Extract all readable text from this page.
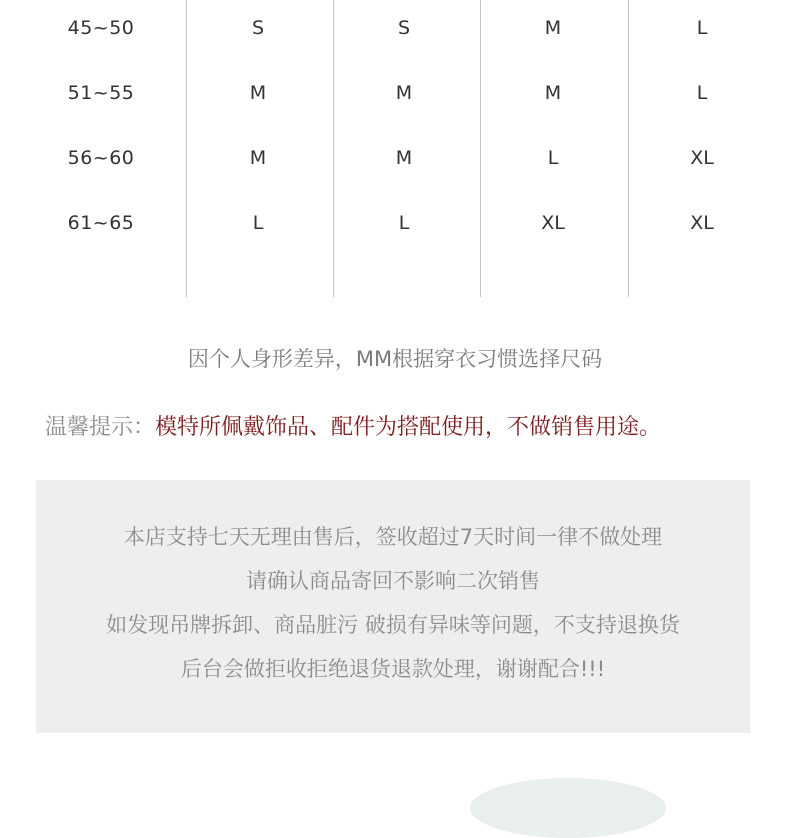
45~50	S	S	M	L
51~55	M	M	M	L
56~60	M	M	L	XL
61~65	L	L	XL	XL
因个人身形差异，MM根据穿衣习惯选择尺码
温馨提示：模特所佩戴饰品、配件为搭配使用，不做销售用途。
本店支持七天无理由售后，签收超过7天时间一律不做处理
请确认商品寄回不影响二次销售
如发现吊牌拆卸、商品脏污 破损有异味等问题，不支持退换货
后台会做拒收拒绝退货退款处理，谢谢配合!!!
